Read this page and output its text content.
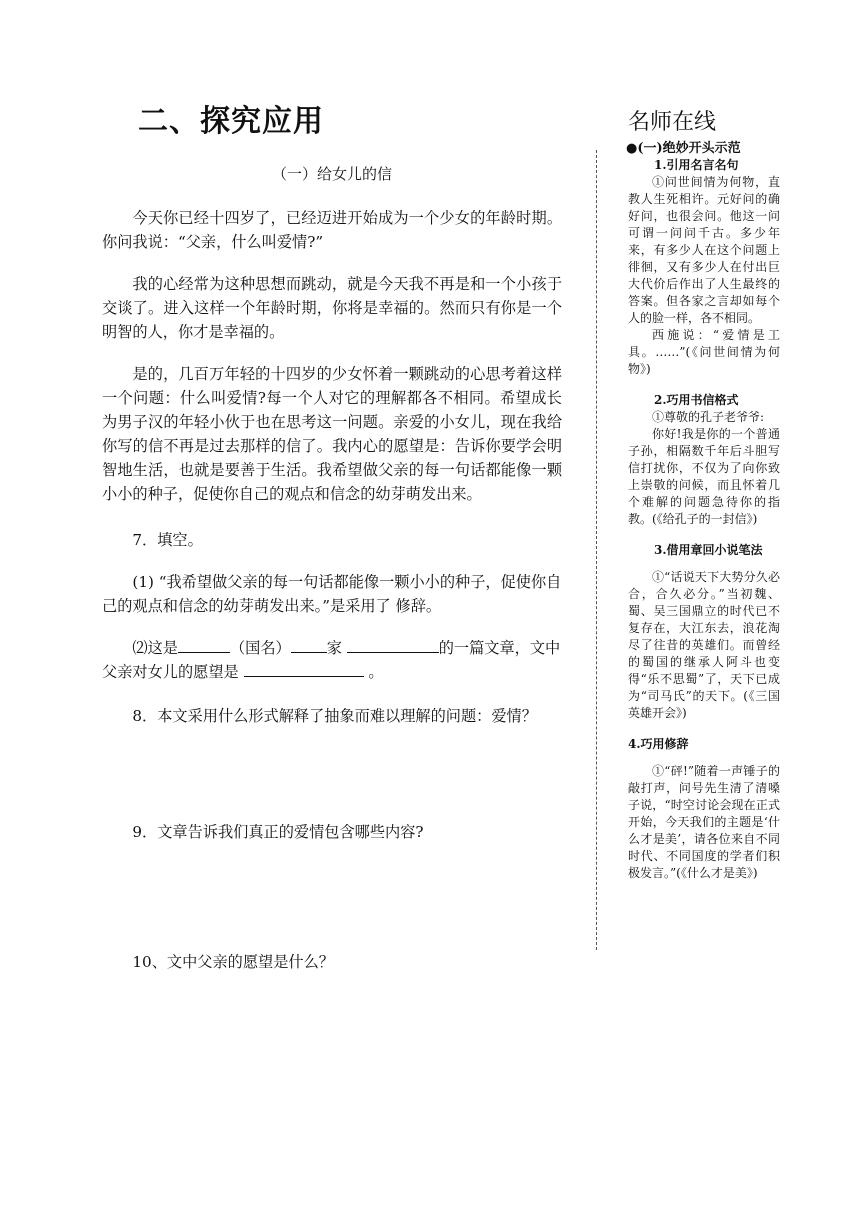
二、探究应用

（一）给女儿的信

今天你已经十四岁了，已经迈进开始成为一个少女的年龄时期。你问我说：“父亲，什么叫爱情?”

我的心经常为这种思想而跳动，就是今天我不再是和一个小孩于交谈了。进入这样一个年龄时期，你将是幸福的。然而只有你是一个明智的人，你才是幸福的。

是的，几百万年轻的十四岁的少女怀着一颗跳动的心思考着这样一个问题：什么叫爱情?每一个人对它的理解都各不相同。希望成长为男子汉的年轻小伙于也在思考这一问题。亲爱的小女儿，现在我给你写的信不再是过去那样的信了。我内心的愿望是：告诉你要学会明智地生活，也就是要善于生活。我希望做父亲的每一句话都能像一颗小小的种子，促使你自己的观点和信念的幼芽萌发出来。

7．填空。

(1) “我希望做父亲的每一句话都能像一颗小小的种子，促使你自己的观点和信念的幼芽萌发出来。”是采用了 修辞。

⑵这是	（国名） 家	的一篇文章，文中父亲对女儿的愿望是	。

8．本文采用什么形式解释了抽象而难以理解的问题：爱情？

9．文章告诉我们真正的爱情包含哪些内容?

10、文中父亲的愿望是什么？

名师在线

●(一)绝妙开头示范

1.引用名言名句

①问世间情为何物，直教人生死相许。元好问的确好问，也很会问。他这一问可谓一问问千古。多少年来，有多少人在这个问题上徘徊，又有多少人在付出巨大代价后作出了人生最终的答案。但各家之言却如每个人的脸一样，各不相同。

西施说：“爱情是工具。……”(《问世间情为何物》)

2.巧用书信格式

①尊敬的孔子老爷爷:

你好!我是你的一个普通子孙，相隔数千年后斗胆写信打扰你，不仅为了向你致上崇敬的问候，而且怀着几个难解的问题急待你的指教。(《给孔子的一封信》)

3.借用章回小说笔法

①“话说天下大势分久必合，合久必分。”当初魏、蜀、吴三国鼎立的时代已不复存在，大江东去，浪花淘尽了往昔的英雄们。而曾经的蜀国的继承人阿斗也变得“乐不思蜀”了，天下已成为“司马氏”的天下。(《三国英雄开会》)

4.巧用修辞

①“砰!”随着一声锤子的敲打声，问号先生清了清嗓子说，“时空讨论会现在正式开始，今天我们的主题是‘什么才是美’，请各位来自不同时代、不同国度的学者们积极发言。”(《什么才是美》)
